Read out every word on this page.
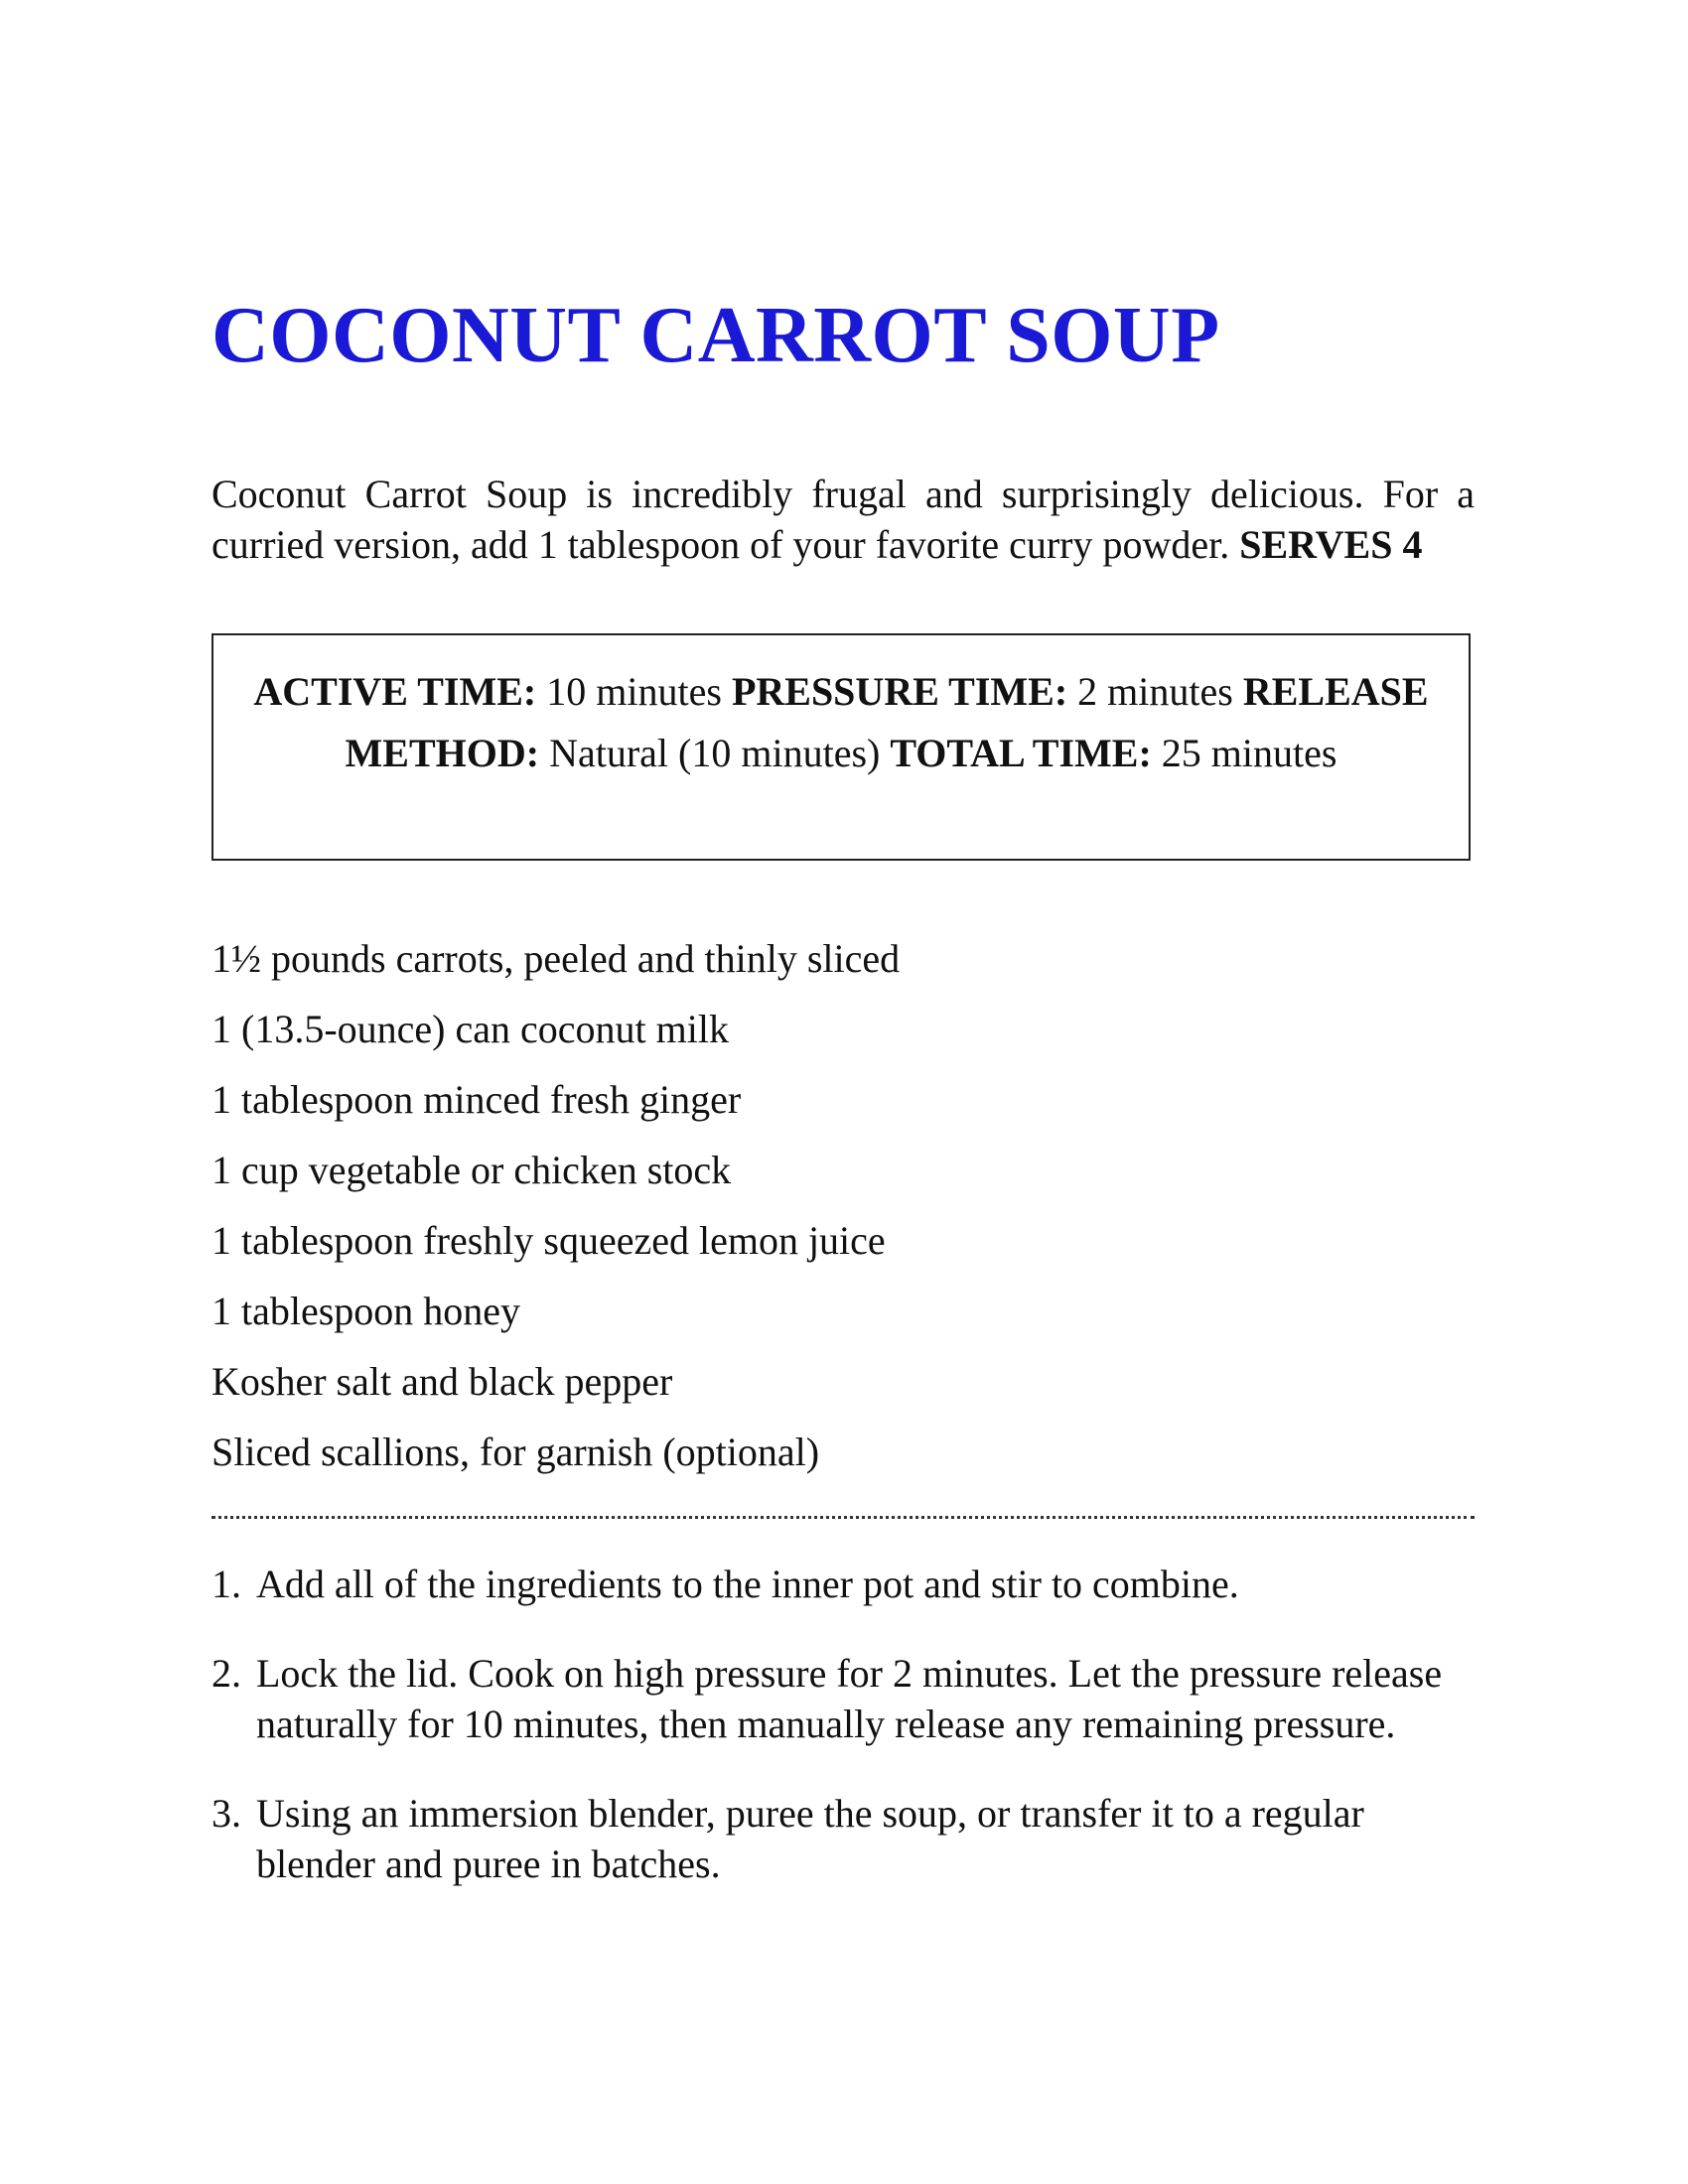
COCONUT CARROT SOUP

Coconut Carrot Soup is incredibly frugal and surprisingly delicious. For a curried version, add 1 tablespoon of your favorite curry powder. SERVES 4

ACTIVE TIME: 10 minutes PRESSURE TIME: 2 minutes RELEASE METHOD: Natural (10 minutes) TOTAL TIME: 25 minutes
1½ pounds carrots, peeled and thinly sliced
1 (13.5-ounce) can coconut milk
1 tablespoon minced fresh ginger
1 cup vegetable or chicken stock
1 tablespoon freshly squeezed lemon juice
1 tablespoon honey
Kosher salt and black pepper
Sliced scallions, for garnish (optional)
1. Add all of the ingredients to the inner pot and stir to combine.
2. Lock the lid. Cook on high pressure for 2 minutes. Let the pressure release naturally for 10 minutes, then manually release any remaining pressure.
3. Using an immersion blender, puree the soup, or transfer it to a regular blender and puree in batches.
